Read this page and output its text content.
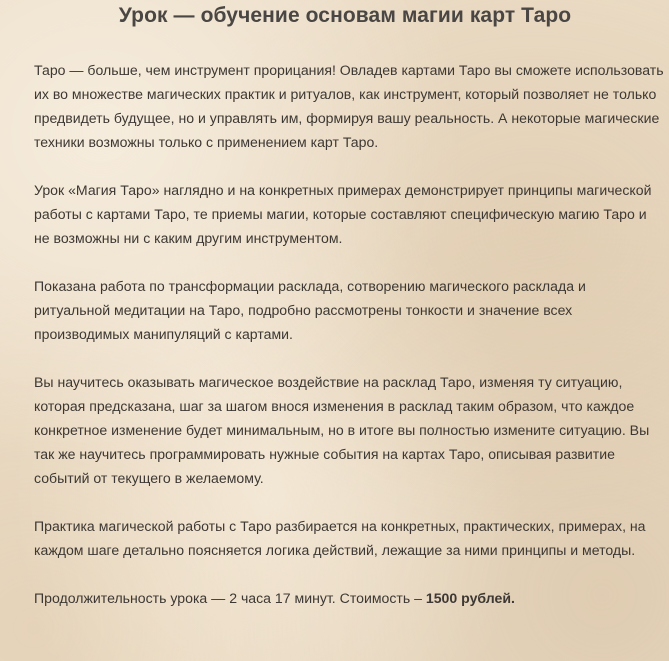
Урок — обучение основам магии карт Таро

Таро — больше, чем инструмент прорицания! Овладев картами Таро вы сможете использовать их во множестве магических практик и ритуалов, как инструмент, который позволяет не только предвидеть будущее, но и управлять им, формируя вашу реальность. А некоторые магические техники возможны только с применением карт Таро.

Урок «Магия Таро» наглядно и на конкретных примерах демонстрирует принципы магической работы с картами Таро, те приемы магии, которые составляют специфическую магию Таро и не возможны ни с каким другим инструментом.

Показана работа по трансформации расклада, сотворению магического расклада и ритуальной медитации на Таро, подробно рассмотрены тонкости и значение всех производимых манипуляций с картами.

Вы научитесь оказывать магическое воздействие на расклад Таро, изменяя ту ситуацию, которая предсказана, шаг за шагом внося изменения в расклад таким образом, что каждое конкретное изменение будет минимальным, но в итоге вы полностью измените ситуацию. Вы так же научитесь программировать нужные события на картах Таро, описывая развитие событий от текущего в желаемому.

Практика магической работы с Таро разбирается на конкретных, практических, примерах, на каждом шаге детально поясняется логика действий, лежащие за ними принципы и методы.

Продолжительность урока — 2 часа 17 минут. Стоимость – 1500 рублей.
